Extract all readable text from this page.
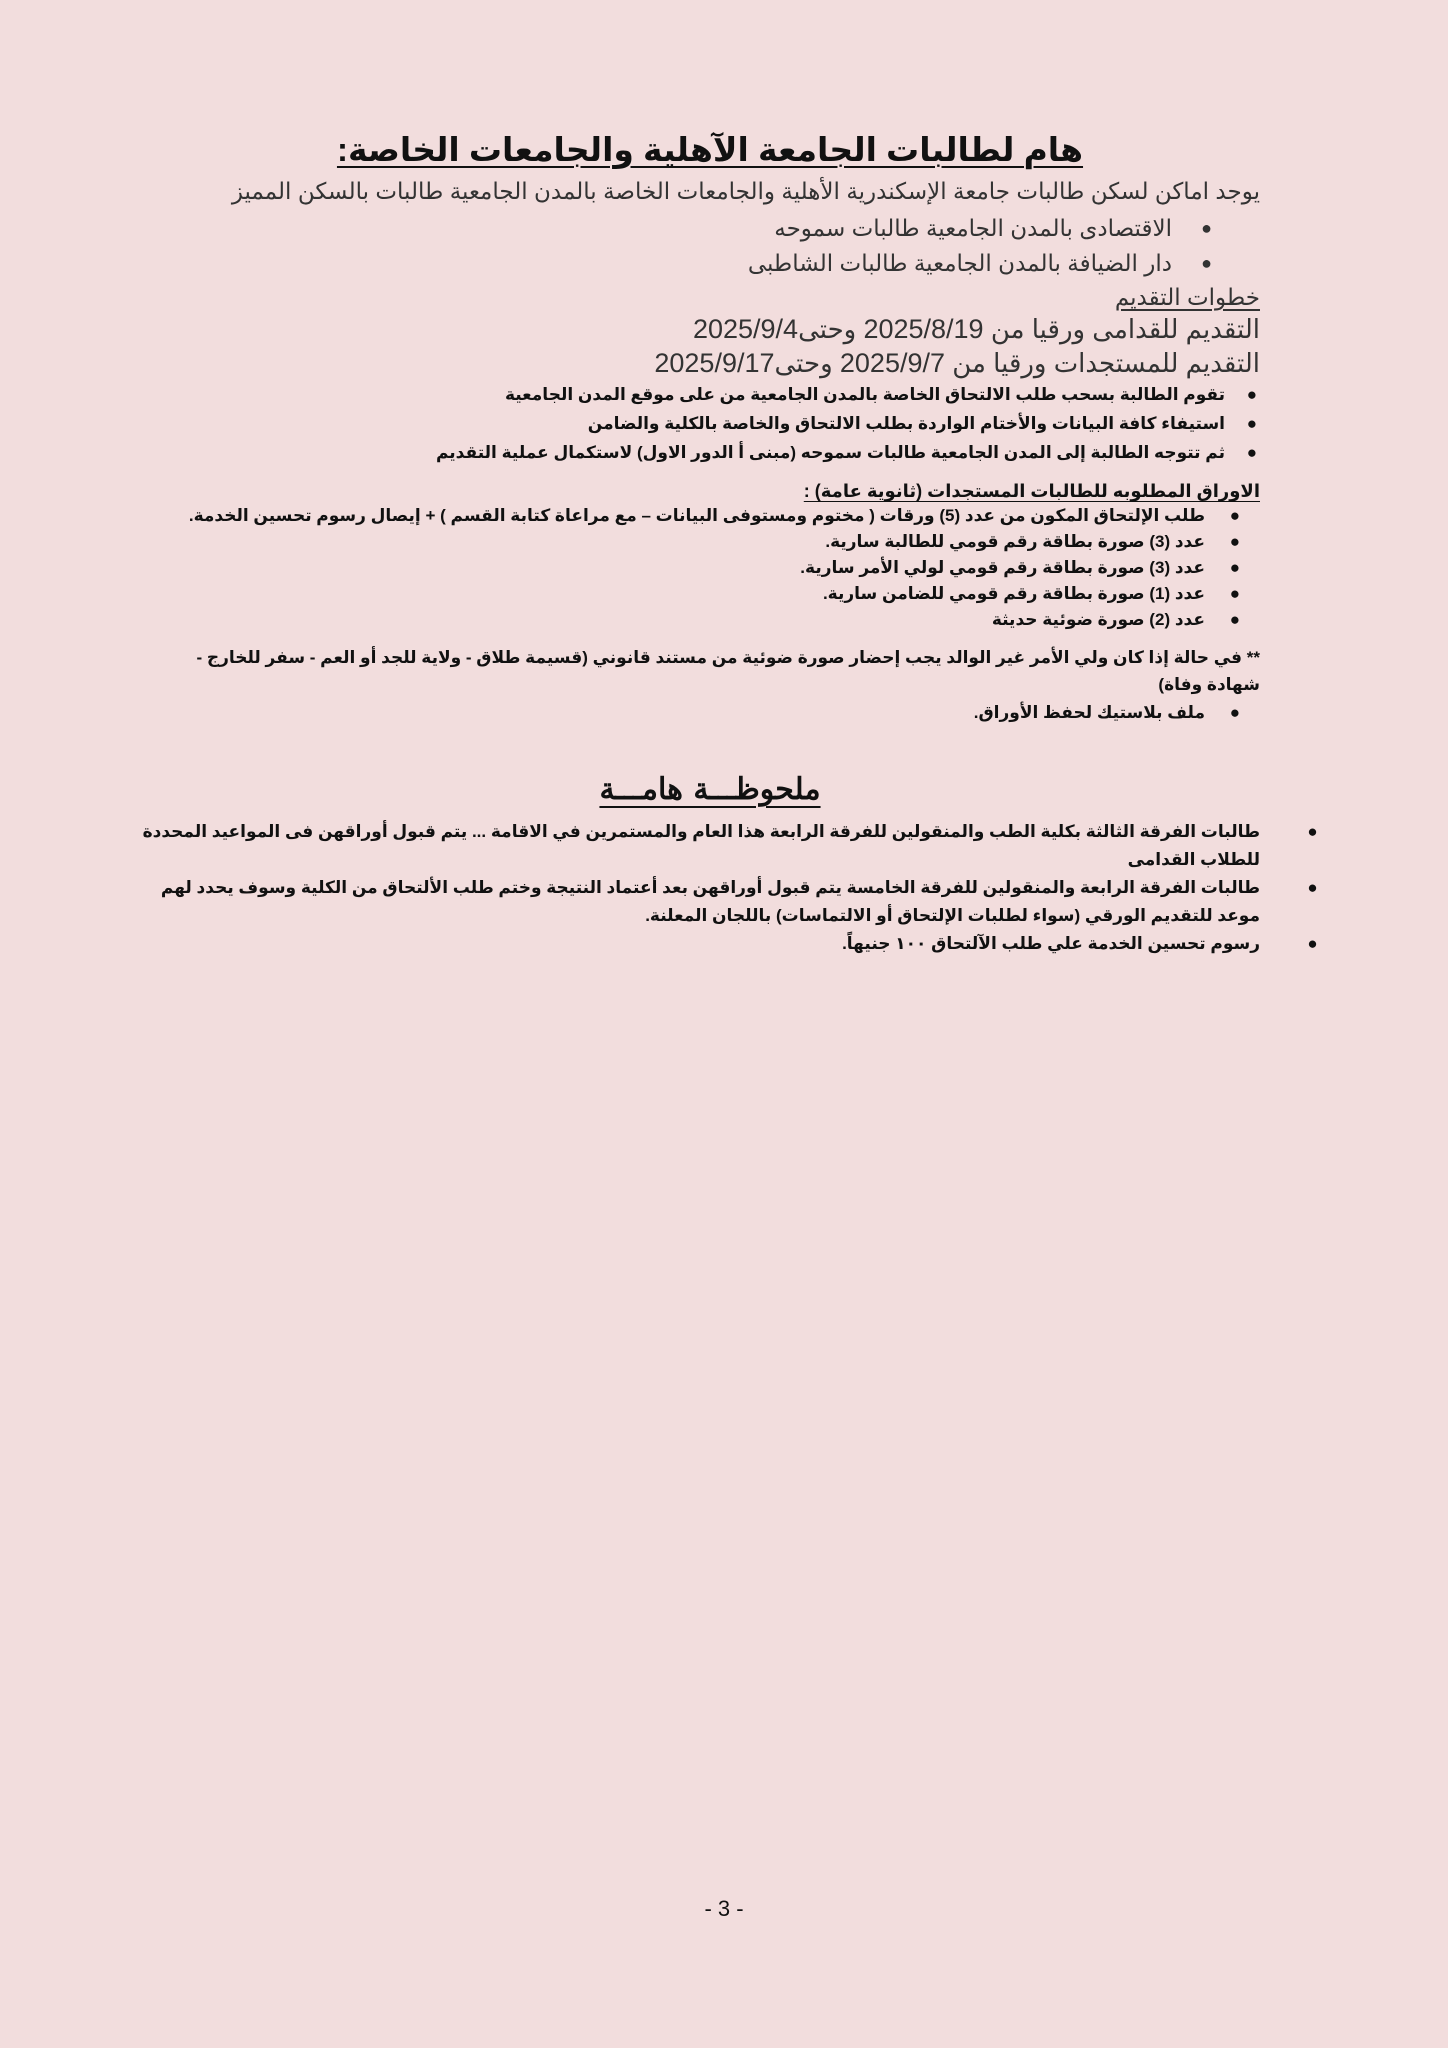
هام لطالبات الجامعة الآهلية والجامعات الخاصة:

يوجد اماكن لسكن طالبات جامعة الإسكندرية الأهلية والجامعات الخاصة بالمدن الجامعية طالبات بالسكن المميز

●
الاقتصادى بالمدن الجامعية طالبات سموحه
●
دار الضيافة بالمدن الجامعية طالبات الشاطبى

خطوات التقديم

التقديم للقدامى ورقيا من 2025/8/19 وحتى2025/9/4

التقديم للمستجدات ورقيا من 2025/9/7 وحتى2025/9/17

●
تقوم الطالبة بسحب طلب الالتحاق الخاصة بالمدن الجامعية من على موقع المدن الجامعية
●
استيفاء كافة البيانات والأختام الواردة بطلب الالتحاق والخاصة بالكلية والضامن
●
ثم تتوجه الطالبة إلى المدن الجامعية طالبات سموحه (مبنى أ الدور الاول) لاستكمال عملية التقديم

الاوراق المطلوبه للطالبات المستجدات (ثانوية عامة) :

●
طلب الإلتحاق المكون من عدد (5) ورقات ( مختوم ومستوفى البيانات – مع مراعاة كتابة القسم ) + إيصال رسوم تحسين الخدمة.
●
عدد (3) صورة بطاقة رقم قومي للطالبة سارية.
●
عدد (3) صورة بطاقة رقم قومي لولي الأمر سارية.
●
عدد (1) صورة بطاقة رقم قومي للضامن سارية.
●
عدد (2) صورة ضوئية حديثة

** في حالة إذا كان ولي الأمر غير الوالد يجب إحضار صورة ضوئية من مستند قانوني (قسيمة طلاق - ولاية للجد أو العم - سفر للخارج - شهادة وفاة)

●
ملف بلاستيك لحفظ الأوراق.
ملحوظـــة هامـــة
●
طالبات الفرقة الثالثة بكلية الطب والمنقولين للفرقة الرابعة هذا العام والمستمرين في الاقامة ... يتم قبول أوراقهن فى المواعيد المحددة للطلاب القدامى
●
طالبات الفرقة الرابعة والمنقولين للفرقة الخامسة يتم قبول أوراقهن بعد أعتماد النتيجة وختم طلب الألتحاق من الكلية وسوف يحدد لهم موعد للتقديم الورقي (سواء لطلبات الإلتحاق أو الالتماسات) باللجان المعلنة.
●
رسوم تحسين الخدمة علي طلب الآلتحاق ١٠٠ جنيهاً.
- 3 -
